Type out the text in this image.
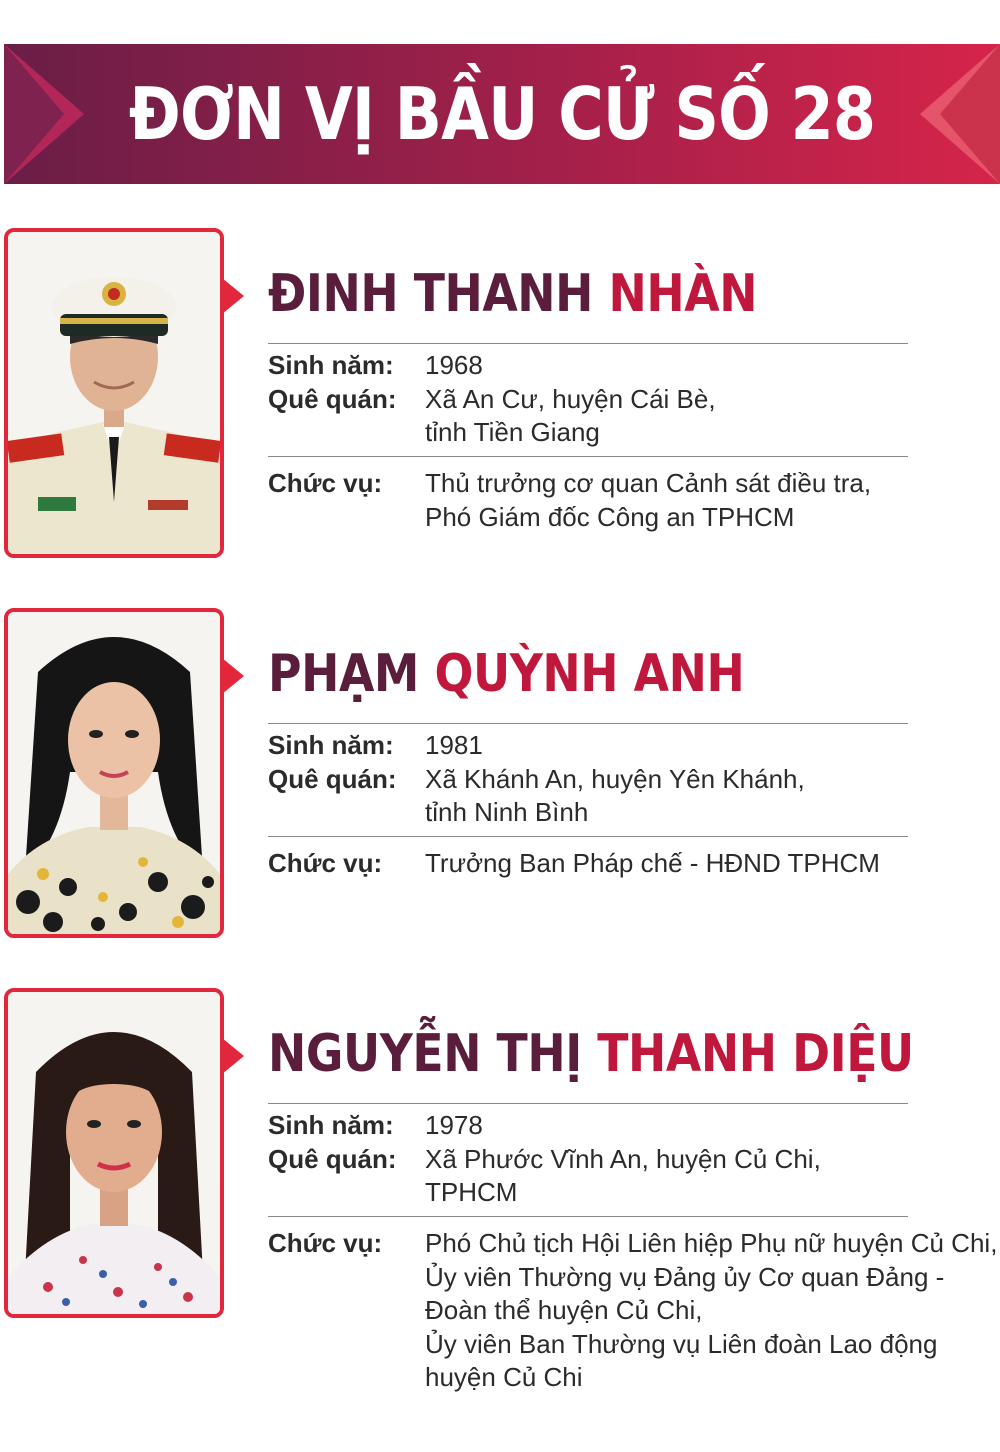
ĐƠN VỊ BẦU CỬ SỐ 28
ĐINH THANH NHÀN
Sinh năm: 1968
Quê quán: Xã An Cư, huyện Cái Bè,
tỉnh Tiền Giang
Chức vụ: Thủ trưởng cơ quan Cảnh sát điều tra,
Phó Giám đốc Công an TPHCM
PHẠM QUỲNH ANH
Sinh năm: 1981
Quê quán: Xã Khánh An, huyện Yên Khánh,
tỉnh Ninh Bình
Chức vụ: Trưởng Ban Pháp chế - HĐND TPHCM
NGUYỄN THỊ THANH DIỆU
Sinh năm: 1978
Quê quán: Xã Phước Vĩnh An, huyện Củ Chi,
TPHCM
Chức vụ: Phó Chủ tịch Hội Liên hiệp Phụ nữ huyện Củ Chi,
Ủy viên Thường vụ Đảng ủy Cơ quan Đảng -
Đoàn thể huyện Củ Chi,
Ủy viên Ban Thường vụ Liên đoàn Lao động
huyện Củ Chi
